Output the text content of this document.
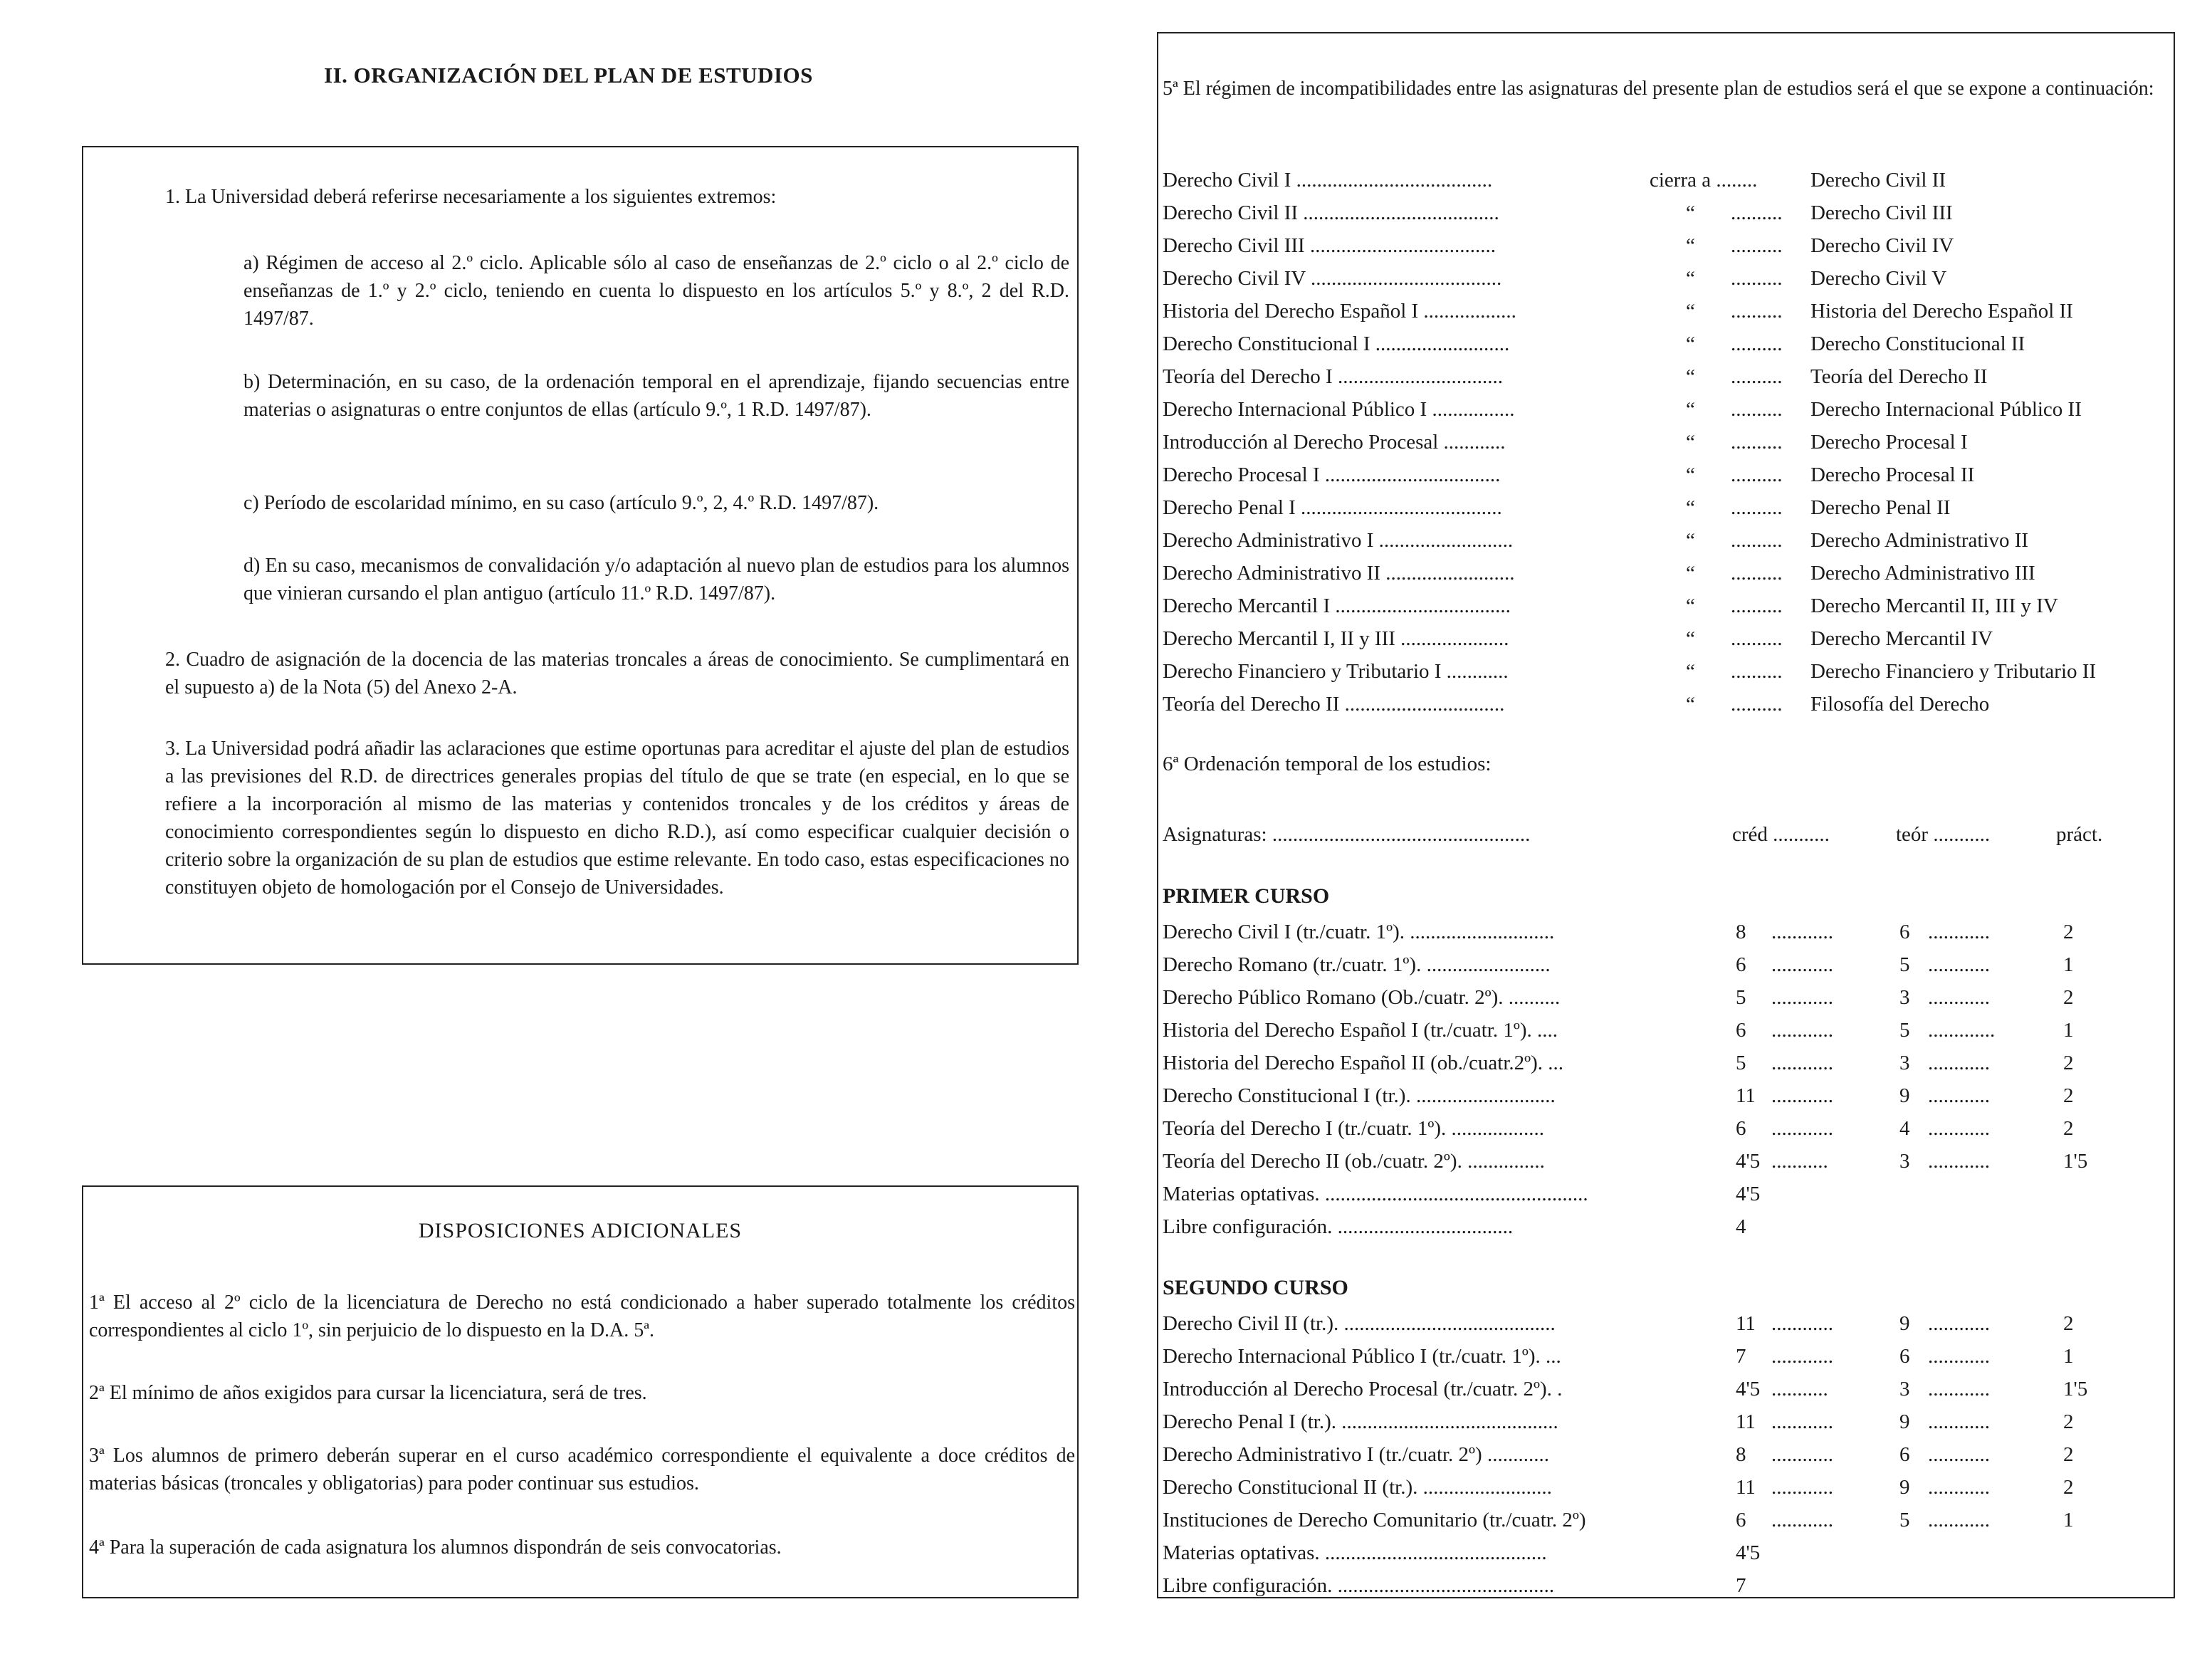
II. ORGANIZACIÓN DEL PLAN DE ESTUDIOS
1. La Universidad deberá referirse necesariamente a los siguientes extremos:
a) Régimen de acceso al 2.º ciclo. Aplicable sólo al caso de enseñanzas de 2.º ciclo o al 2.º ciclo de enseñanzas de 1.º y 2.º ciclo, teniendo en cuenta lo dispuesto en los artículos 5.º y 8.º, 2 del R.D. 1497/87.
b) Determinación, en su caso, de la ordenación temporal en el aprendizaje, fijando secuencias entre materias o asignaturas o entre conjuntos de ellas (artículo 9.º, 1 R.D. 1497/87).
c) Período de escolaridad mínimo, en su caso (artículo 9.º, 2, 4.º R.D. 1497/87).
d) En su caso, mecanismos de convalidación y/o adaptación al nuevo plan de estudios para los alumnos que vinieran cursando el plan antiguo (artículo 11.º R.D. 1497/87).
2. Cuadro de asignación de la docencia de las materias troncales a áreas de conocimiento. Se cumplimentará en el supuesto a) de la Nota (5) del Anexo 2-A.
3. La Universidad podrá añadir las aclaraciones que estime oportunas para acreditar el ajuste del plan de estudios a las previsiones del R.D. de directrices generales propias del título de que se trate (en especial, en lo que se refiere a la incorporación al mismo de las materias y contenidos troncales y de los créditos y áreas de conocimiento correspondientes según lo dispuesto en dicho R.D.), así como especificar cualquier decisión o criterio sobre la organización de su plan de estudios que estime relevante. En todo caso, estas especificaciones no constituyen objeto de homologación por el Consejo de Universidades.
DISPOSICIONES ADICIONALES
1ª El acceso al 2º ciclo de la licenciatura de Derecho no está condicionado a haber superado totalmente los créditos correspondientes al ciclo 1º, sin perjuicio de lo dispuesto en la D.A. 5ª.
2ª El mínimo de años exigidos para cursar la licenciatura, será de tres.
3ª Los alumnos de primero deberán superar en el curso académico correspondiente el equivalente a doce créditos de materias básicas (troncales y obligatorias) para poder continuar sus estudios.
4ª Para la superación de cada asignatura los alumnos dispondrán de seis convocatorias.
5ª El régimen de incompatibilidades entre las asignaturas del presente plan de estudios será el que se expone a continuación:
Derecho Civil I ......................................	cierra a ........	Derecho Civil II
Derecho Civil II ......................................	“ .......... Derecho Civil III
Derecho Civil III ....................................	“ .......... Derecho Civil IV
Derecho Civil IV .....................................	“ .......... Derecho Civil V
Historia del Derecho Español I ..................	“ .......... Historia del Derecho Español II
Derecho Constitucional I ..........................	“ .......... Derecho Constitucional II
Teoría del Derecho I ................................	“ .......... Teoría del Derecho II
Derecho Internacional Público I ................	“ .......... Derecho Internacional Público II
Introducción al Derecho Procesal ............	“ .......... Derecho Procesal I
Derecho Procesal I ..................................	“ .......... Derecho Procesal II
Derecho Penal I .......................................	“ .......... Derecho Penal II
Derecho Administrativo I ..........................	“ .......... Derecho Administrativo II
Derecho Administrativo II .........................	“ .......... Derecho Administrativo III
Derecho Mercantil I ..................................	“ .......... Derecho Mercantil II, III y IV
Derecho Mercantil I, II y III .....................	“ .......... Derecho Mercantil IV
Derecho Financiero y Tributario I ............	“ .......... Derecho Financiero y Tributario II
Teoría del Derecho II ...............................	“ .......... Filosofía del Derecho
6ª Ordenación temporal de los estudios:
Asignaturas: ..................................................	créd ...........	teór ...........	práct.
PRIMER CURSO
Derecho Civil I (tr./cuatr. 1º). ............................	8 ............	6 ............	2
Derecho Romano (tr./cuatr. 1º). ........................	6 ............	5 ............	1
Derecho Público Romano (Ob./cuatr. 2º). ..........	5 ............	3 ............	2
Historia del Derecho Español I (tr./cuatr. 1º). ....	6 ............	5 .............	1
Historia del Derecho Español II (ob./cuatr.2º). ...	5 ............	3 ............	2
Derecho Constitucional I (tr.). ...........................	11 ............	9 ............	2
Teoría del Derecho I (tr./cuatr. 1º). ..................	6 ............	4 ............	2
Teoría del Derecho II (ob./cuatr. 2º). ...............	4'5 ...........	3 ............	1'5
Materias optativas. ...................................................	4'5
Libre configuración. ..................................	4
SEGUNDO CURSO
Derecho Civil II (tr.). .........................................	11 ............	9 ............	2
Derecho Internacional Público I (tr./cuatr. 1º). ...	7 ............	6 ............	1
Introducción al Derecho Procesal (tr./cuatr. 2º). .	4'5 ...........	3 ............	1'5
Derecho Penal I (tr.). ..........................................	11 ............	9 ............	2
Derecho Administrativo I (tr./cuatr. 2º) ............	8 ............	6 ............	2
Derecho Constitucional II (tr.). .........................	11 ............	9 ............	2
Instituciones de Derecho Comunitario (tr./cuatr. 2º)	6 ............	5 ............	1
Materias optativas. ...........................................	4'5
Libre configuración. ..........................................	7
